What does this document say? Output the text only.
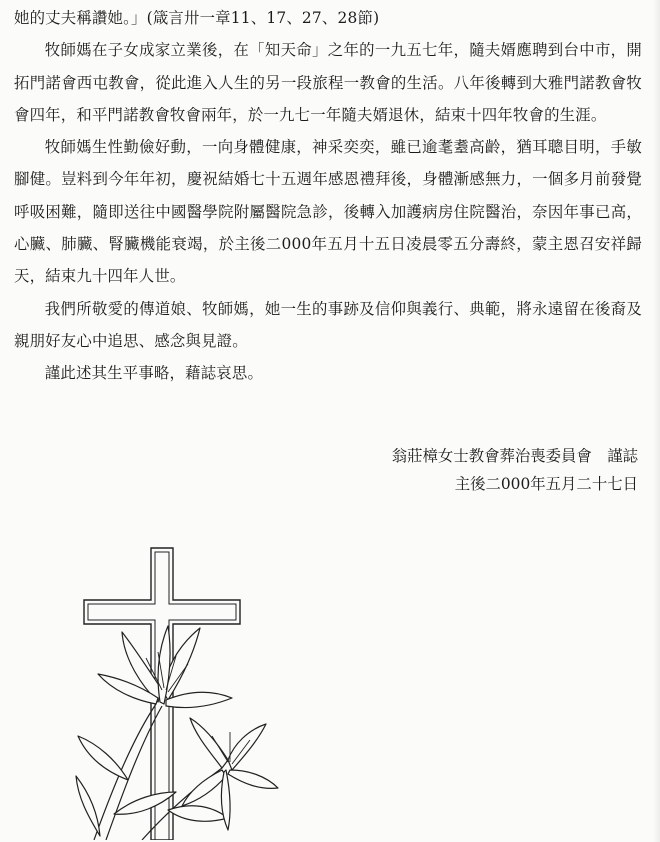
她的丈夫稱讚她。」(箴言卅一章11、17、27、28節)

牧師媽在子女成家立業後，在「知天命」之年的一九五七年，隨夫婿應聘到台中市，開拓門諾會西屯教會，從此進入人生的另一段旅程一教會的生活。八年後轉到大雅門諾教會牧會四年，和平門諾教會牧會兩年，於一九七一年隨夫婿退休，結束十四年牧會的生涯。

牧師媽生性勤儉好動，一向身體健康，神采奕奕，雖已逾耄耋高齡，猶耳聰目明，手敏腳健。豈料到今年年初，慶祝結婚七十五週年感恩禮拜後，身體漸感無力，一個多月前發覺呼吸困難，隨即送往中國醫學院附屬醫院急診，後轉入加護病房住院醫治，奈因年事已高，心臟、肺臟、腎臟機能衰竭，於主後二000年五月十五日凌晨零五分壽終，蒙主恩召安祥歸天，結束九十四年人世。

我們所敬愛的傳道娘、牧師媽，她一生的事跡及信仰與義行、典範，將永遠留在後裔及親朋好友心中追思、感念與見證。

謹此述其生平事略，藉誌哀思。

翁莊樟女士教會葬治喪委員會　謹誌
主後二000年五月二十七日
